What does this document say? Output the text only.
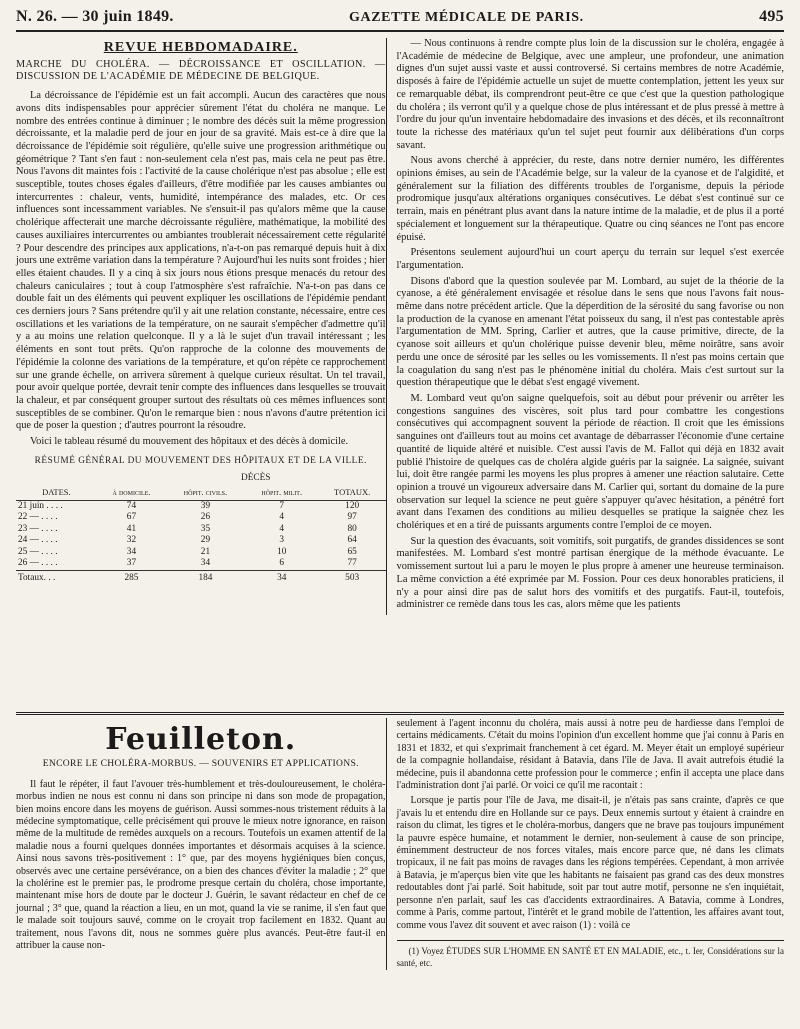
N. 26. — 30 juin 1849.	GAZETTE MÉDICALE DE PARIS.	495
REVUE HEBDOMADAIRE.
MARCHE DU CHOLÉRA. — DÉCROISSANCE ET OSCILLATION. — DISCUSSION DE L'ACADÉMIE DE MÉDECINE DE BELGIQUE.

La décroissance de l'épidémie est un fait accompli. Aucun des caractères que nous avons dits indispensables pour apprécier sûrement l'état du choléra ne manque. Le nombre des entrées continue à diminuer ; le nombre des décès suit la même progression décroissante, et la maladie perd de jour en jour de sa gravité. Mais est-ce à dire que la décroissance de l'épidémie soit régulière, qu'elle suive une progression arithmétique ou géométrique ? Tant s'en faut : non-seulement cela n'est pas, mais cela ne peut pas être. Nous l'avons dit maintes fois : l'activité de la cause cholérique n'est pas absolue ; elle est susceptible, toutes choses égales d'ailleurs, d'être modifiée par les causes ambiantes ou intercurrentes : chaleur, vents, humidité, intempérance des malades, etc. Or ces influences sont incessamment variables. Ne s'ensuit-il pas qu'alors même que la cause cholérique affecterait une marche décroissante régulière, mathématique, la mobilité des causes auxiliaires intercurrentes ou ambiantes troublerait nécessairement cette régularité ? Pour descendre des principes aux applications, n'a-t-on pas remarqué depuis huit à dix jours une extrême variation dans la température ? Aujourd'hui les nuits sont froides ; hier elles étaient chaudes. Il y a cinq à six jours nous étions presque menacés du retour des chaleurs caniculaires ; tout à coup l'atmosphère s'est rafraîchie. N'a-t-on pas dans ce double fait un des éléments qui peuvent expliquer les oscillations de l'épidémie pendant ces derniers jours ? Sans prétendre qu'il y ait une relation constante, nécessaire, entre ces oscillations et les variations de la température, on ne saurait s'empêcher d'admettre qu'il y a au moins une relation quelconque. Il y a là le sujet d'un travail intéressant ; les éléments en sont tout prêts. Qu'on rapproche de la colonne des mouvements de l'épidémie la colonne des variations de la température, et qu'on répète ce rapprochement sur une grande échelle, on arrivera sûrement à quelque curieux résultat. Un tel travail, pour avoir quelque portée, devrait tenir compte des influences dans lesquelles se trouvait la chaleur, et par conséquent grouper surtout des résultats où ces mêmes influences sont susceptibles de se combiner. Qu'on le remarque bien : nous n'avons d'autre prétention ici que de poser la question ; d'autres pourront la résoudre.

Voici le tableau résumé du mouvement des hôpitaux et des décès à domicile.

RÉSUMÉ GÉNÉRAL DU MOUVEMENT DES HÔPITAUX ET DE LA VILLE.
DÉCÈS
DATES.	à domicile.	hôpit. civils.	hôpit. milit.	TOTAUX.
21 juin . . . .	74	39	7	120
22 — . . . .	67	26	4	97
23 — . . . .	41	35	4	80
24 — . . . .	32	29	3	64
25 — . . . .	34	21	10	65
26 — . . . .	37	34	6	77
Totaux. . .	285	184	34	503

— Nous continuons à rendre compte plus loin de la discussion sur le choléra, engagée à l'Académie de médecine de Belgique, avec une ampleur, une profondeur, une animation dignes d'un sujet aussi vaste et aussi controversé. Si certains membres de notre Académie, disposés à faire de l'épidémie actuelle un sujet de muette contemplation, jettent les yeux sur ce remarquable débat, ils comprendront peut-être ce que c'est que la question pathologique du choléra ; ils verront qu'il y a quelque chose de plus intéressant et de plus pressé à mettre à l'ordre du jour qu'un inventaire hebdomadaire des invasions et des décès, et ils reconnaîtront toute la richesse des matériaux qu'un tel sujet peut fournir aux délibérations d'un corps savant.

Nous avons cherché à apprécier, du reste, dans notre dernier numéro, les différentes opinions émises, au sein de l'Académie belge, sur la valeur de la cyanose et de l'algidité, et généralement sur la filiation des différents troubles de l'organisme, depuis la période prodromique jusqu'aux altérations organiques consécutives. Le débat s'est continué sur ce terrain, mais en pénétrant plus avant dans la nature intime de la maladie, et de plus il a porté spécialement et longuement sur la thérapeutique. Quatre ou cinq séances ne l'ont pas encore épuisé.

Présentons seulement aujourd'hui un court aperçu du terrain sur lequel s'est exercée l'argumentation.

Disons d'abord que la question soulevée par M. Lombard, au sujet de la théorie de la cyanose, a été généralement envisagée et résolue dans le sens que nous l'avons fait nous-même dans notre précédent article. Que la déperdition de la sérosité du sang favorise ou non la production de la cyanose en amenant l'état poisseux du sang, il n'est pas contestable après l'argumentation de MM. Spring, Carlier et autres, que la cause primitive, directe, de la cyanose soit ailleurs et qu'un cholérique puisse devenir bleu, même noirâtre, sans avoir perdu une once de sérosité par les selles ou les vomissements. Il n'est pas moins certain que la coagulation du sang n'est pas le phénomène initial du choléra. Mais c'est surtout sur la question thérapeutique que le débat s'est engagé vivement.

M. Lombard veut qu'on saigne quelquefois, soit au début pour prévenir ou arrêter les congestions sanguines des viscères, soit plus tard pour combattre les congestions consécutives qui accompagnent souvent la période de réaction. Il croit que les émissions sanguines ont d'ailleurs tout au moins cet avantage de débarrasser l'économie d'une certaine quantité de liquide altéré et nuisible. C'est aussi l'avis de M. Fallot qui déjà en 1832 avait publié l'histoire de quelques cas de choléra algide guéris par la saignée. La saignée, suivant lui, doit être rangée parmi les moyens les plus propres à amener une réaction salutaire. Cette opinion a trouvé un vigoureux adversaire dans M. Carlier qui, sortant du domaine de la pure observation sur lequel la science ne peut guère s'appuyer qu'avec hésitation, a pénétré fort avant dans l'examen des conditions au milieu desquelles se pratique la saignée chez les cholériques et en a tiré de puissants arguments contre l'emploi de ce moyen.

Sur la question des évacuants, soit vomitifs, soit purgatifs, de grandes dissidences se sont manifestées. M. Lombard s'est montré partisan énergique de la méthode évacuante. Le vomissement surtout lui a paru le moyen le plus propre à amener une heureuse terminaison. La même conviction a été exprimée par M. Fossion. Pour ces deux honorables praticiens, il n'y a pour ainsi dire pas de salut hors des vomitifs et des purgatifs. Faut-il, toutefois, administrer ce remède dans tous les cas, alors même que les patients

Feuilleton.
ENCORE LE CHOLÉRA-MORBUS. — SOUVENIRS ET APPLICATIONS.

Il faut le répéter, il faut l'avouer très-humblement et très-douloureusement, le choléra-morbus indien ne nous est connu ni dans son principe ni dans son mode de propagation, bien moins encore dans les moyens de guérison. Aussi sommes-nous tristement réduits à la médecine symptomatique, celle précisément qui prouve le mieux notre ignorance, en raison même de la multitude de remèdes auxquels on a recours. Toutefois un examen attentif de la maladie nous a fourni quelques données importantes et désormais acquises à la science. Ainsi nous savons très-positivement : 1° que, par des moyens hygiéniques bien conçus, observés avec une certaine persévérance, on a bien des chances d'éviter la maladie ; 2° que la cholérine est le premier pas, le prodrome presque certain du choléra, chose importante, maintenant mise hors de doute par le docteur J. Guérin, le savant rédacteur en chef de ce journal ; 3° que, quand la réaction a lieu, en un mot, quand la vie se ranime, il s'en faut que le malade soit toujours sauvé, comme on le croyait trop facilement en 1832. Quant au traitement, nous l'avons dit, nous ne sommes guère plus avancés. Peut-être faut-il en attribuer la cause non-

seulement à l'agent inconnu du choléra, mais aussi à notre peu de hardiesse dans l'emploi de certains médicaments. C'était du moins l'opinion d'un excellent homme que j'ai connu à Paris en 1831 et 1832, et qui s'exprimait franchement à cet égard. M. Meyer était un employé supérieur de la compagnie hollandaise, résidant à Batavia, dans l'île de Java. Il avait autrefois étudié la médecine, puis il abandonna cette profession pour le commerce ; enfin il accepta une place dans l'administration dont j'ai parlé. Or voici ce qu'il me racontait :

Lorsque je partis pour l'île de Java, me disait-il, je n'étais pas sans crainte, d'après ce que j'avais lu et entendu dire en Hollande sur ce pays. Deux ennemis surtout y étaient à craindre en raison du climat, les tigres et le choléra-morbus, dangers que ne brave pas toujours impunément la pauvre espèce humaine, et notamment le dernier, non-seulement à cause de son principe, éminemment destructeur de nos forces vitales, mais encore parce que, né dans les climats tropicaux, il ne fait pas moins de ravages dans les régions tempérées. Cependant, à mon arrivée à Batavia, je m'aperçus bien vite que les habitants ne faisaient pas grand cas des deux monstres redoutables dont j'ai parlé. Soit habitude, soit par tout autre motif, personne ne s'en inquiétait, personne n'en parlait, sauf les cas d'accidents extraordinaires. A Batavia, comme à Londres, comme à Paris, comme partout, l'intérêt et le grand mobile de l'attention, les affaires avant tout, comme vous l'avez dit souvent et avec raison (1) : voilà ce

(1) Voyez ÉTUDES SUR L'HOMME EN SANTÉ ET EN MALADIE, etc., t. Ier, Considérations sur la santé, etc.
